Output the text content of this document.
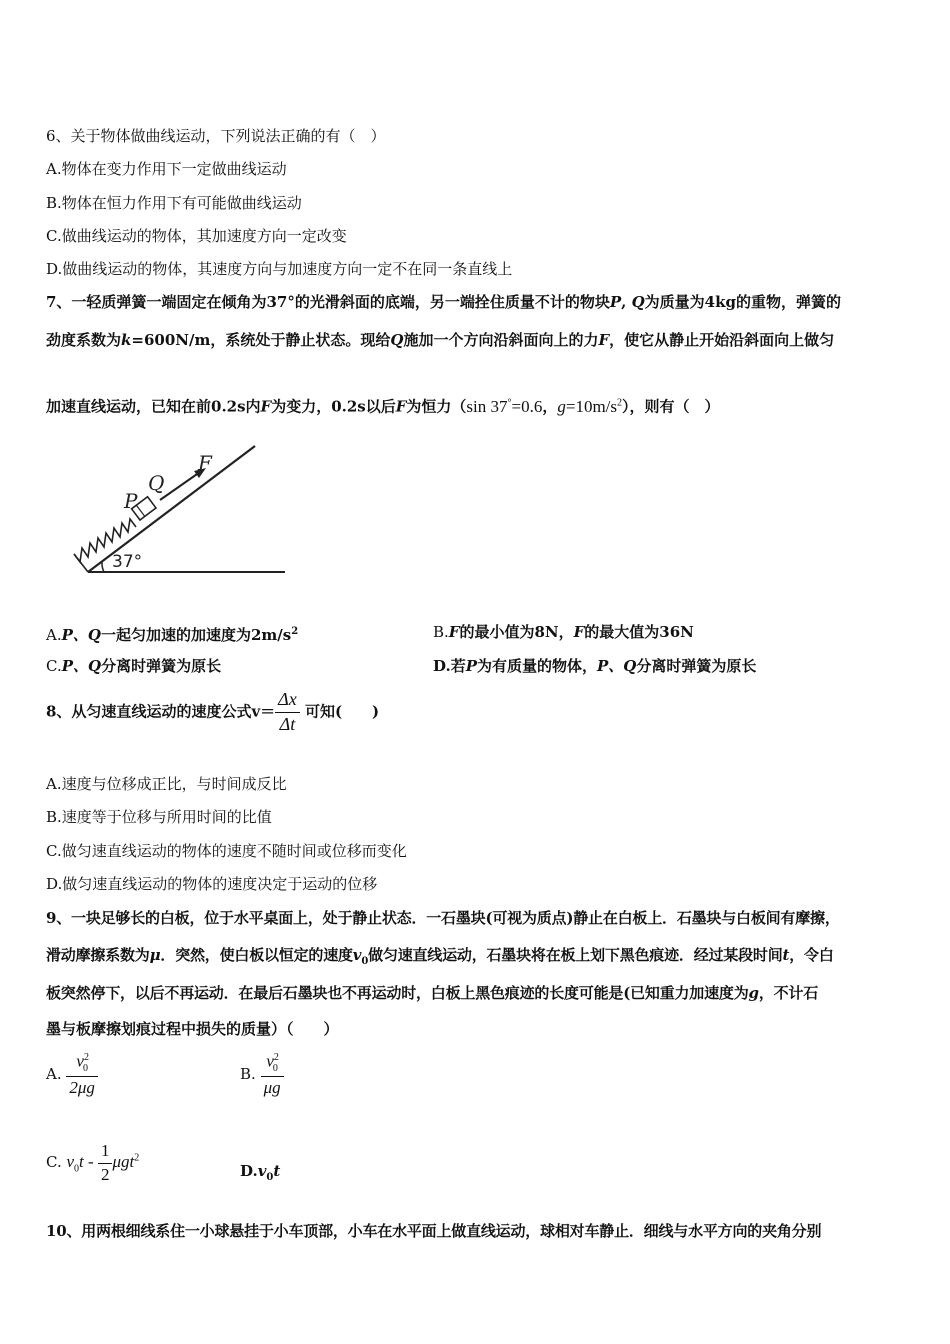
6、关于物体做曲线运动，下列说法正确的有（　）
A.物体在变力作用下一定做曲线运动
B.物体在恒力作用下有可能做曲线运动
C.做曲线运动的物体，其加速度方向一定改变
D.做曲线运动的物体，其速度方向与加速度方向一定不在同一条直线上
7、一轻质弹簧一端固定在倾角为37°的光滑斜面的底端，另一端拴住质量不计的物块P, Q为质量为4kg的重物，弹簧的
劲度系数为k=600N/m，系统处于静止状态。现给Q施加一个方向沿斜面向上的力F，使它从静止开始沿斜面向上做匀
加速直线运动，已知在前0.2s内F为变力，0.2s以后F为恒力（sin 37°=0.6，$g=10m/s^2$），则有（　）
P
Q
F
37°
A.P、Q一起匀加速的加速度为$2m/s^2$	B.F的最小值为8N，F的最大值为36N
C.P、Q分离时弹簧为原长	D.若P为有质量的物体，P、Q分离时弹簧为原长
8、从匀速直线运动的速度公式$v= \frac{\Delta x}{\Delta t}$ 可知(　　)
A.速度与位移成正比，与时间成反比
B.速度等于位移与所用时间的比值
C.做匀速直线运动的物体的速度不随时间或位移而变化
D.做匀速直线运动的物体的速度决定于运动的位移
9、一块足够长的白板，位于水平桌面上，处于静止状态．一石墨块(可视为质点)静止在白板上．石墨块与白板间有摩擦，
滑动摩擦系数为μ．突然，使白板以恒定的速度$v_0$做匀速直线运动，石墨块将在板上划下黑色痕迹．经过某段时间t，令白
板突然停下，以后不再运动．在最后石墨块也不再运动时，白板上黑色痕迹的长度可能是(已知重力加速度为g，不计石
墨与板摩擦划痕过程中损失的质量）（　　）
A. $\frac{v^2_0}{2\mu g}$	B. $\frac{v^2_0}{\mu g}$
C. $v_0t - \frac{1}{2} \mu gt^2$
$D.v_0t$
10、用两根细线系住一小球悬挂于小车顶部，小车在水平面上做直线运动，球相对车静止．细线与水平方向的夹角分别
